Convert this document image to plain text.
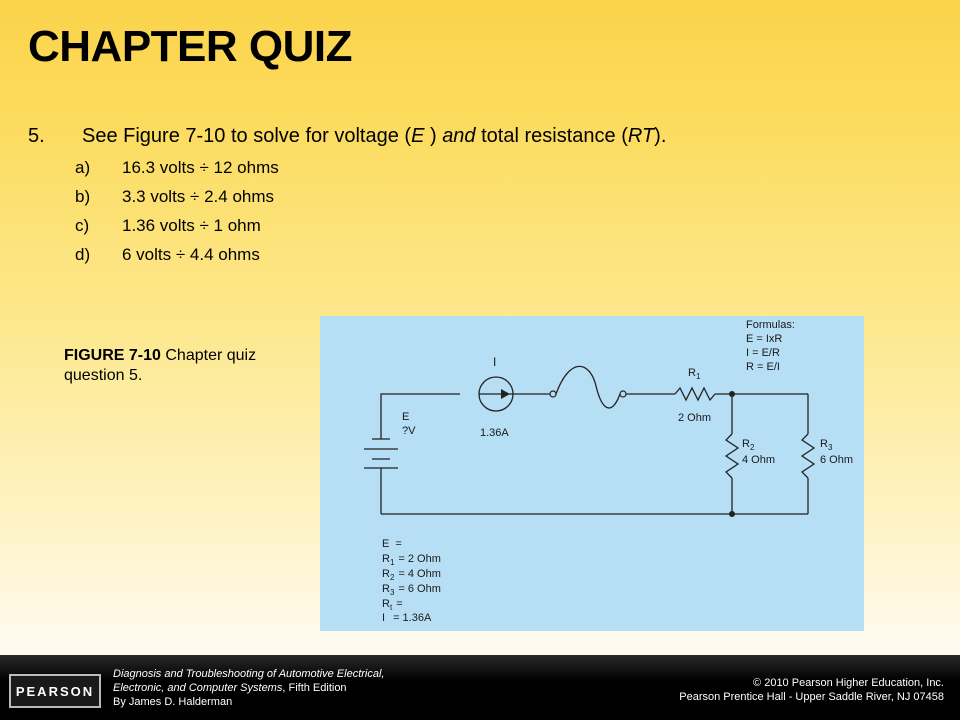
CHAPTER QUIZ
5. See Figure 7-10 to solve for voltage (E ) and total resistance (RT).
a) 16.3 volts ÷ 12 ohms
b) 3.3 volts ÷ 2.4 ohms
c) 1.36 volts ÷ 1 ohm
d) 6 volts ÷ 4.4 ohms
FIGURE 7-10 Chapter quiz question 5.
Formulas:
E = IxR
I = E/R
R = E/I
I
1.36A
E
?V
$R_1$
2 Ohm
$R_2$
4 Ohm
$R_3$
6 Ohm
E =
$R_1 = 2$ Ohm
$R_2 = 4$ Ohm
$R_3 = 6$ Ohm
$R_t$ =
I = 1.36A
PEARSON
Diagnosis and Troubleshooting of Automotive Electrical,
Electronic, and Computer Systems, Fifth Edition
By James D. Halderman
© 2010 Pearson Higher Education, Inc.
Pearson Prentice Hall - Upper Saddle River, NJ 07458
